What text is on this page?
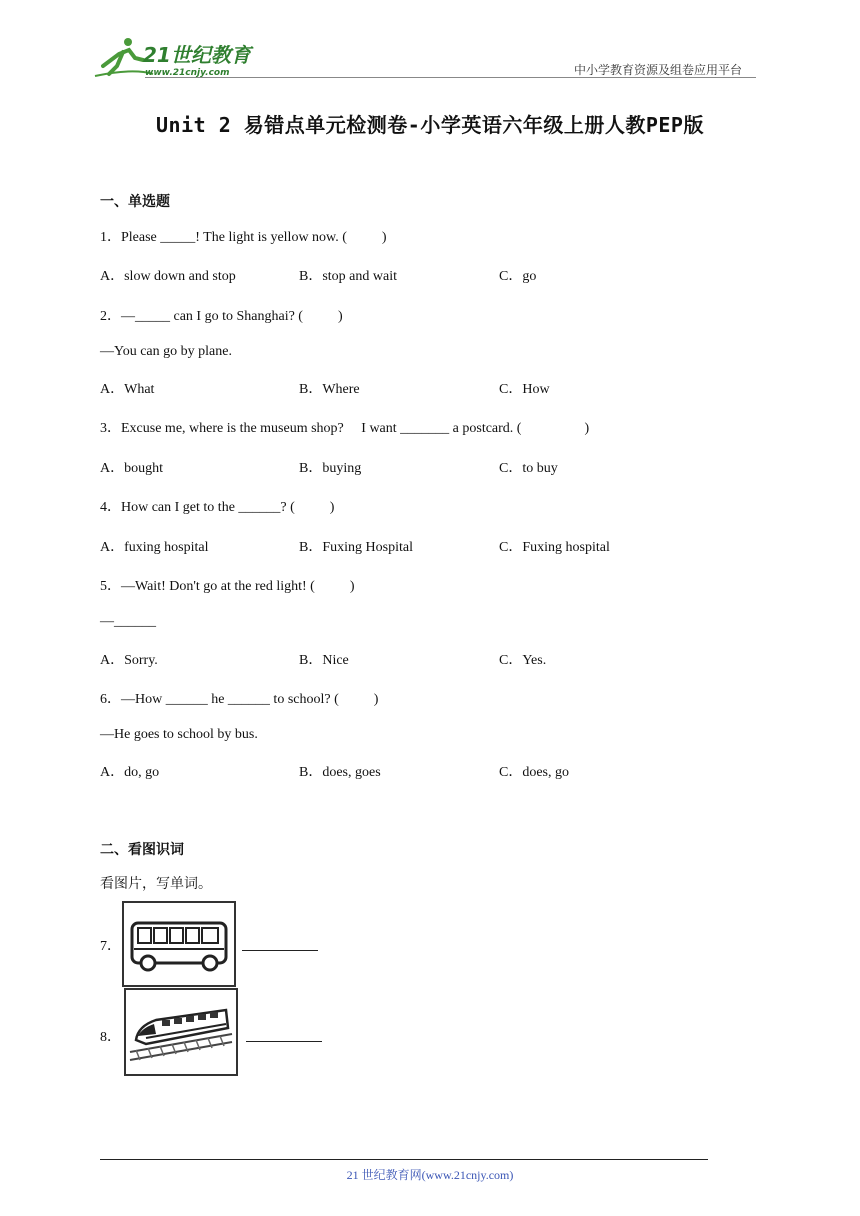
21世纪教育
www.21cnjy.com	中小学教育资源及组卷应用平台
Unit 2 易错点单元检测卷-小学英语六年级上册人教PEP版
一、单选题
1．Please _____! The light is yellow now. (          )
A．slow down and stop	B．stop and wait	C．go
2．—_____ can I go to Shanghai? (          )
—You can go by plane.
A．What	B．Where	C．How
3．Excuse me, where is the museum shop?     I want _______ a postcard. (                  )
A．bought	B．buying	C．to buy
4．How can I get to the ______? (          )
A．fuxing hospital	B．Fuxing Hospital	C．Fuxing hospital
5．—Wait! Don't go at the red light! (          )
—______
A．Sorry.	B．Nice	C．Yes.
6．—How ______ he ______ to school? (          )
—He goes to school by bus.
A．do, go	B．does, goes	C．does, go
二、看图识词
看图片，写单词。
7．
8．
21 世纪教育网(www.21cnjy.com)
